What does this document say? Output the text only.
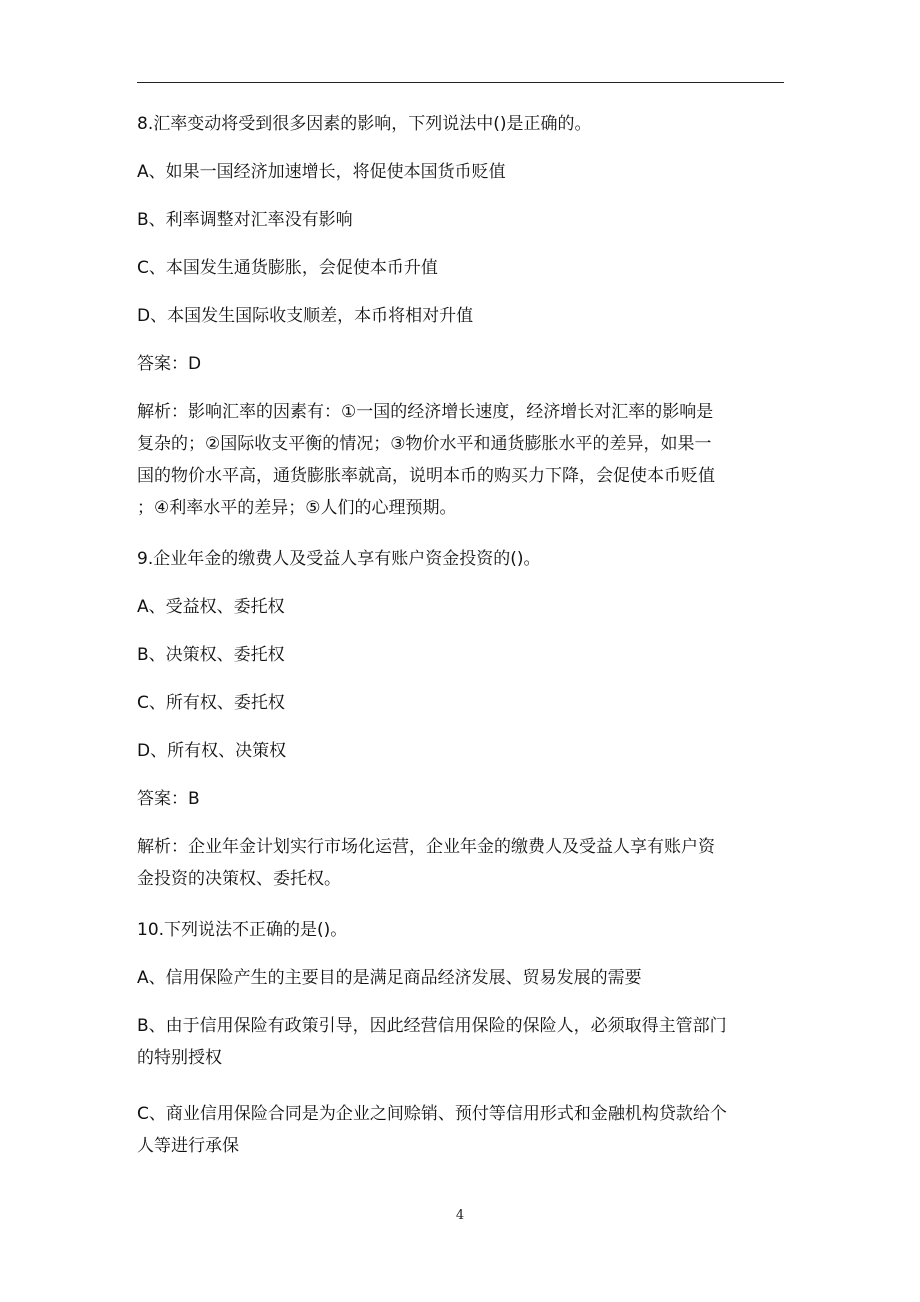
8.汇率变动将受到很多因素的影响，下列说法中()是正确的。
A、如果一国经济加速增长，将促使本国货币贬值
B、利率调整对汇率没有影响
C、本国发生通货膨胀，会促使本币升值
D、本国发生国际收支顺差，本币将相对升值
答案：D
解析：影响汇率的因素有：①一国的经济增长速度，经济增长对汇率的影响是
复杂的；②国际收支平衡的情况；③物价水平和通货膨胀水平的差异，如果一
国的物价水平高，通货膨胀率就高，说明本币的购买力下降，会促使本币贬值
；④利率水平的差异；⑤人们的心理预期。
9.企业年金的缴费人及受益人享有账户资金投资的()。
A、受益权、委托权
B、决策权、委托权
C、所有权、委托权
D、所有权、决策权
答案：B
解析：企业年金计划实行市场化运营，企业年金的缴费人及受益人享有账户资
金投资的决策权、委托权。
10.下列说法不正确的是()。
A、信用保险产生的主要目的是满足商品经济发展、贸易发展的需要
B、由于信用保险有政策引导，因此经营信用保险的保险人，必须取得主管部门
的特别授权
C、商业信用保险合同是为企业之间赊销、预付等信用形式和金融机构贷款给个
人等进行承保
4
